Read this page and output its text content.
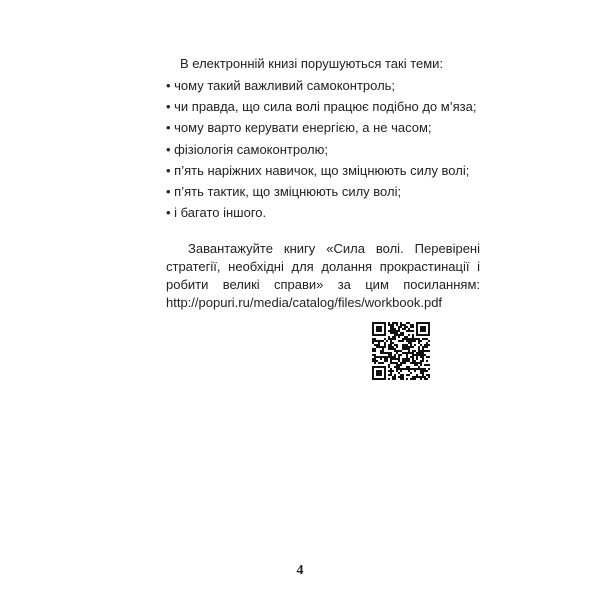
В електронній книзі порушуються такі теми:

• чому такий важливий самоконтроль;
• чи правда, що сила волі працює подібно до м’яза;
• чому варто керувати енергією, а не часом;
• фізіологія самоконтролю;
• п’ять наріжних навичок, що зміцнюють силу волі;
• п’ять тактик, що зміцнюють силу волі;
• і багато іншого.

Завантажуйте книгу «Сила волі. Перевірені стратегії, необхідні для долання прокрастинації і робити великі справи» за цим посиланням: http://popuri.ru/media/catalog/files/workbook.pdf

4
